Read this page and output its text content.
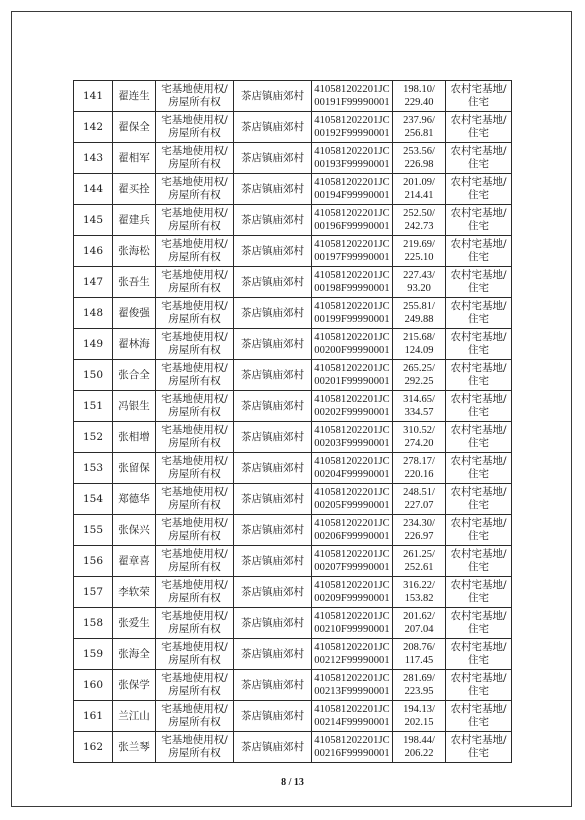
141	翟连生	宅基地使用权/
房屋所有权	茶店镇庙郊村	410581202201JC
00191F99990001	198.10/
229.40	农村宅基地/
住宅

142	翟保全	宅基地使用权/
房屋所有权	茶店镇庙郊村	410581202201JC
00192F99990001	237.96/
256.81	农村宅基地/
住宅

143	翟相军	宅基地使用权/
房屋所有权	茶店镇庙郊村	410581202201JC
00193F99990001	253.56/
226.98	农村宅基地/
住宅

144	翟买拴	宅基地使用权/
房屋所有权	茶店镇庙郊村	410581202201JC
00194F99990001	201.09/
214.41	农村宅基地/
住宅

145	翟建兵	宅基地使用权/
房屋所有权	茶店镇庙郊村	410581202201JC
00196F99990001	252.50/
242.73	农村宅基地/
住宅

146	张海松	宅基地使用权/
房屋所有权	茶店镇庙郊村	410581202201JC
00197F99990001	219.69/
225.10	农村宅基地/
住宅

147	张吾生	宅基地使用权/
房屋所有权	茶店镇庙郊村	410581202201JC
00198F99990001	227.43/
93.20	农村宅基地/
住宅

148	翟俊强	宅基地使用权/
房屋所有权	茶店镇庙郊村	410581202201JC
00199F99990001	255.81/
249.88	农村宅基地/
住宅

149	翟林海	宅基地使用权/
房屋所有权	茶店镇庙郊村	410581202201JC
00200F99990001	215.68/
124.09	农村宅基地/
住宅

150	张合全	宅基地使用权/
房屋所有权	茶店镇庙郊村	410581202201JC
00201F99990001	265.25/
292.25	农村宅基地/
住宅

151	冯银生	宅基地使用权/
房屋所有权	茶店镇庙郊村	410581202201JC
00202F99990001	314.65/
334.57	农村宅基地/
住宅

152	张相增	宅基地使用权/
房屋所有权	茶店镇庙郊村	410581202201JC
00203F99990001	310.52/
274.20	农村宅基地/
住宅

153	张留保	宅基地使用权/
房屋所有权	茶店镇庙郊村	410581202201JC
00204F99990001	278.17/
220.16	农村宅基地/
住宅

154	郑德华	宅基地使用权/
房屋所有权	茶店镇庙郊村	410581202201JC
00205F99990001	248.51/
227.07	农村宅基地/
住宅

155	张保兴	宅基地使用权/
房屋所有权	茶店镇庙郊村	410581202201JC
00206F99990001	234.30/
226.97	农村宅基地/
住宅

156	翟章喜	宅基地使用权/
房屋所有权	茶店镇庙郊村	410581202201JC
00207F99990001	261.25/
252.61	农村宅基地/
住宅

157	李软荣	宅基地使用权/
房屋所有权	茶店镇庙郊村	410581202201JC
00209F99990001	316.22/
153.82	农村宅基地/
住宅

158	张爱生	宅基地使用权/
房屋所有权	茶店镇庙郊村	410581202201JC
00210F99990001	201.62/
207.04	农村宅基地/
住宅

159	张海全	宅基地使用权/
房屋所有权	茶店镇庙郊村	410581202201JC
00212F99990001	208.76/
117.45	农村宅基地/
住宅

160	张保学	宅基地使用权/
房屋所有权	茶店镇庙郊村	410581202201JC
00213F99990001	281.69/
223.95	农村宅基地/
住宅

161	兰江山	宅基地使用权/
房屋所有权	茶店镇庙郊村	410581202201JC
00214F99990001	194.13/
202.15	农村宅基地/
住宅

162	张兰琴	宅基地使用权/
房屋所有权	茶店镇庙郊村	410581202201JC
00216F99990001	198.44/
206.22	农村宅基地/
住宅
8 / 13
